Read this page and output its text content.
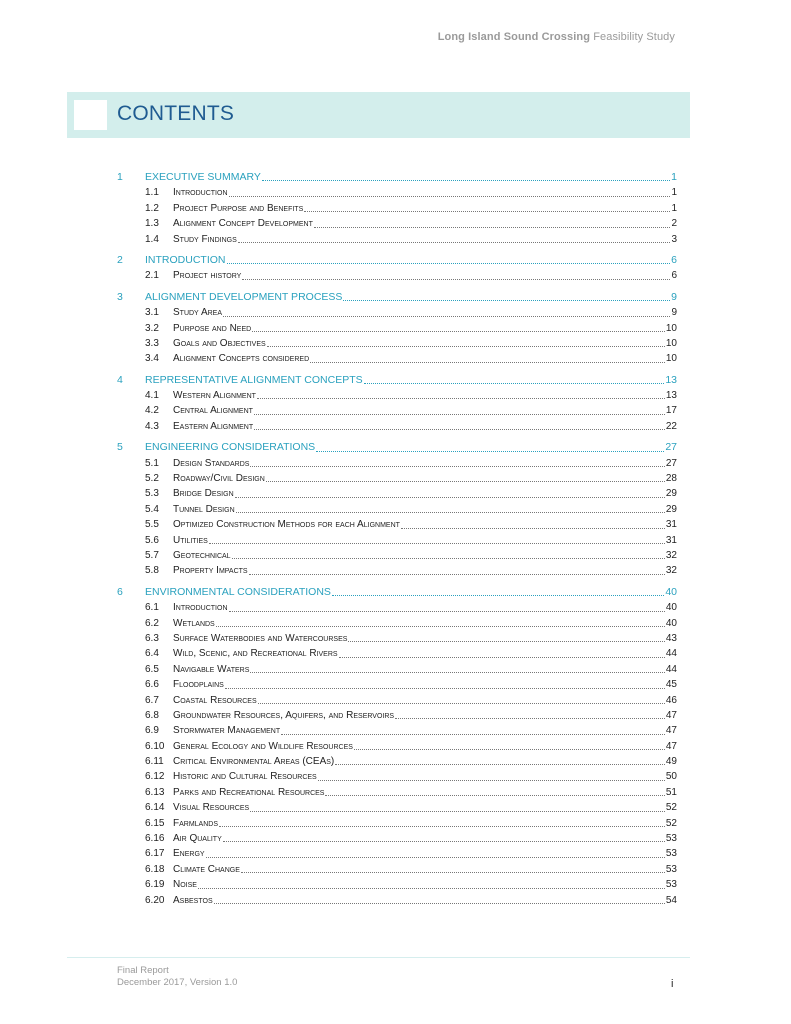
Long Island Sound Crossing Feasibility Study
CONTENTS
1	EXECUTIVE SUMMARY	1
1.1	Introduction	1
1.2	Project Purpose and Benefits	1
1.3	Alignment Concept Development	2
1.4	Study Findings	3
2	INTRODUCTION	6
2.1	Project history	6
3	ALIGNMENT DEVELOPMENT PROCESS	9
3.1	Study Area	9
3.2	Purpose and Need	10
3.3	Goals and Objectives	10
3.4	Alignment Concepts considered	10
4	REPRESENTATIVE ALIGNMENT CONCEPTS	13
4.1	Western Alignment	13
4.2	Central Alignment	17
4.3	Eastern Alignment	22
5	ENGINEERING CONSIDERATIONS	27
5.1	Design Standards	27
5.2	Roadway/Civil Design	28
5.3	Bridge Design	29
5.4	Tunnel Design	29
5.5	Optimized Construction Methods for each Alignment	31
5.6	Utilities	31
5.7	Geotechnical	32
5.8	Property Impacts	32
6	ENVIRONMENTAL CONSIDERATIONS	40
6.1	Introduction	40
6.2	Wetlands	40
6.3	Surface Waterbodies and Watercourses	43
6.4	Wild, Scenic, and Recreational Rivers	44
6.5	Navigable Waters	44
6.6	Floodplains	45
6.7	Coastal Resources	46
6.8	Groundwater Resources, Aquifers, and Reservoirs	47
6.9	Stormwater Management	47
6.10 General Ecology and Wildlife Resources	47
6.11 Critical Environmental Areas (CEAs)	49
6.12 Historic and Cultural Resources	50
6.13 Parks and Recreational Resources	51
6.14 Visual Resources	52
6.15 Farmlands	52
6.16 Air Quality	53
6.17 Energy	53
6.18 Climate Change	53
6.19 Noise	53
6.20 Asbestos	54
Final Report
December 2017, Version 1.0	i
